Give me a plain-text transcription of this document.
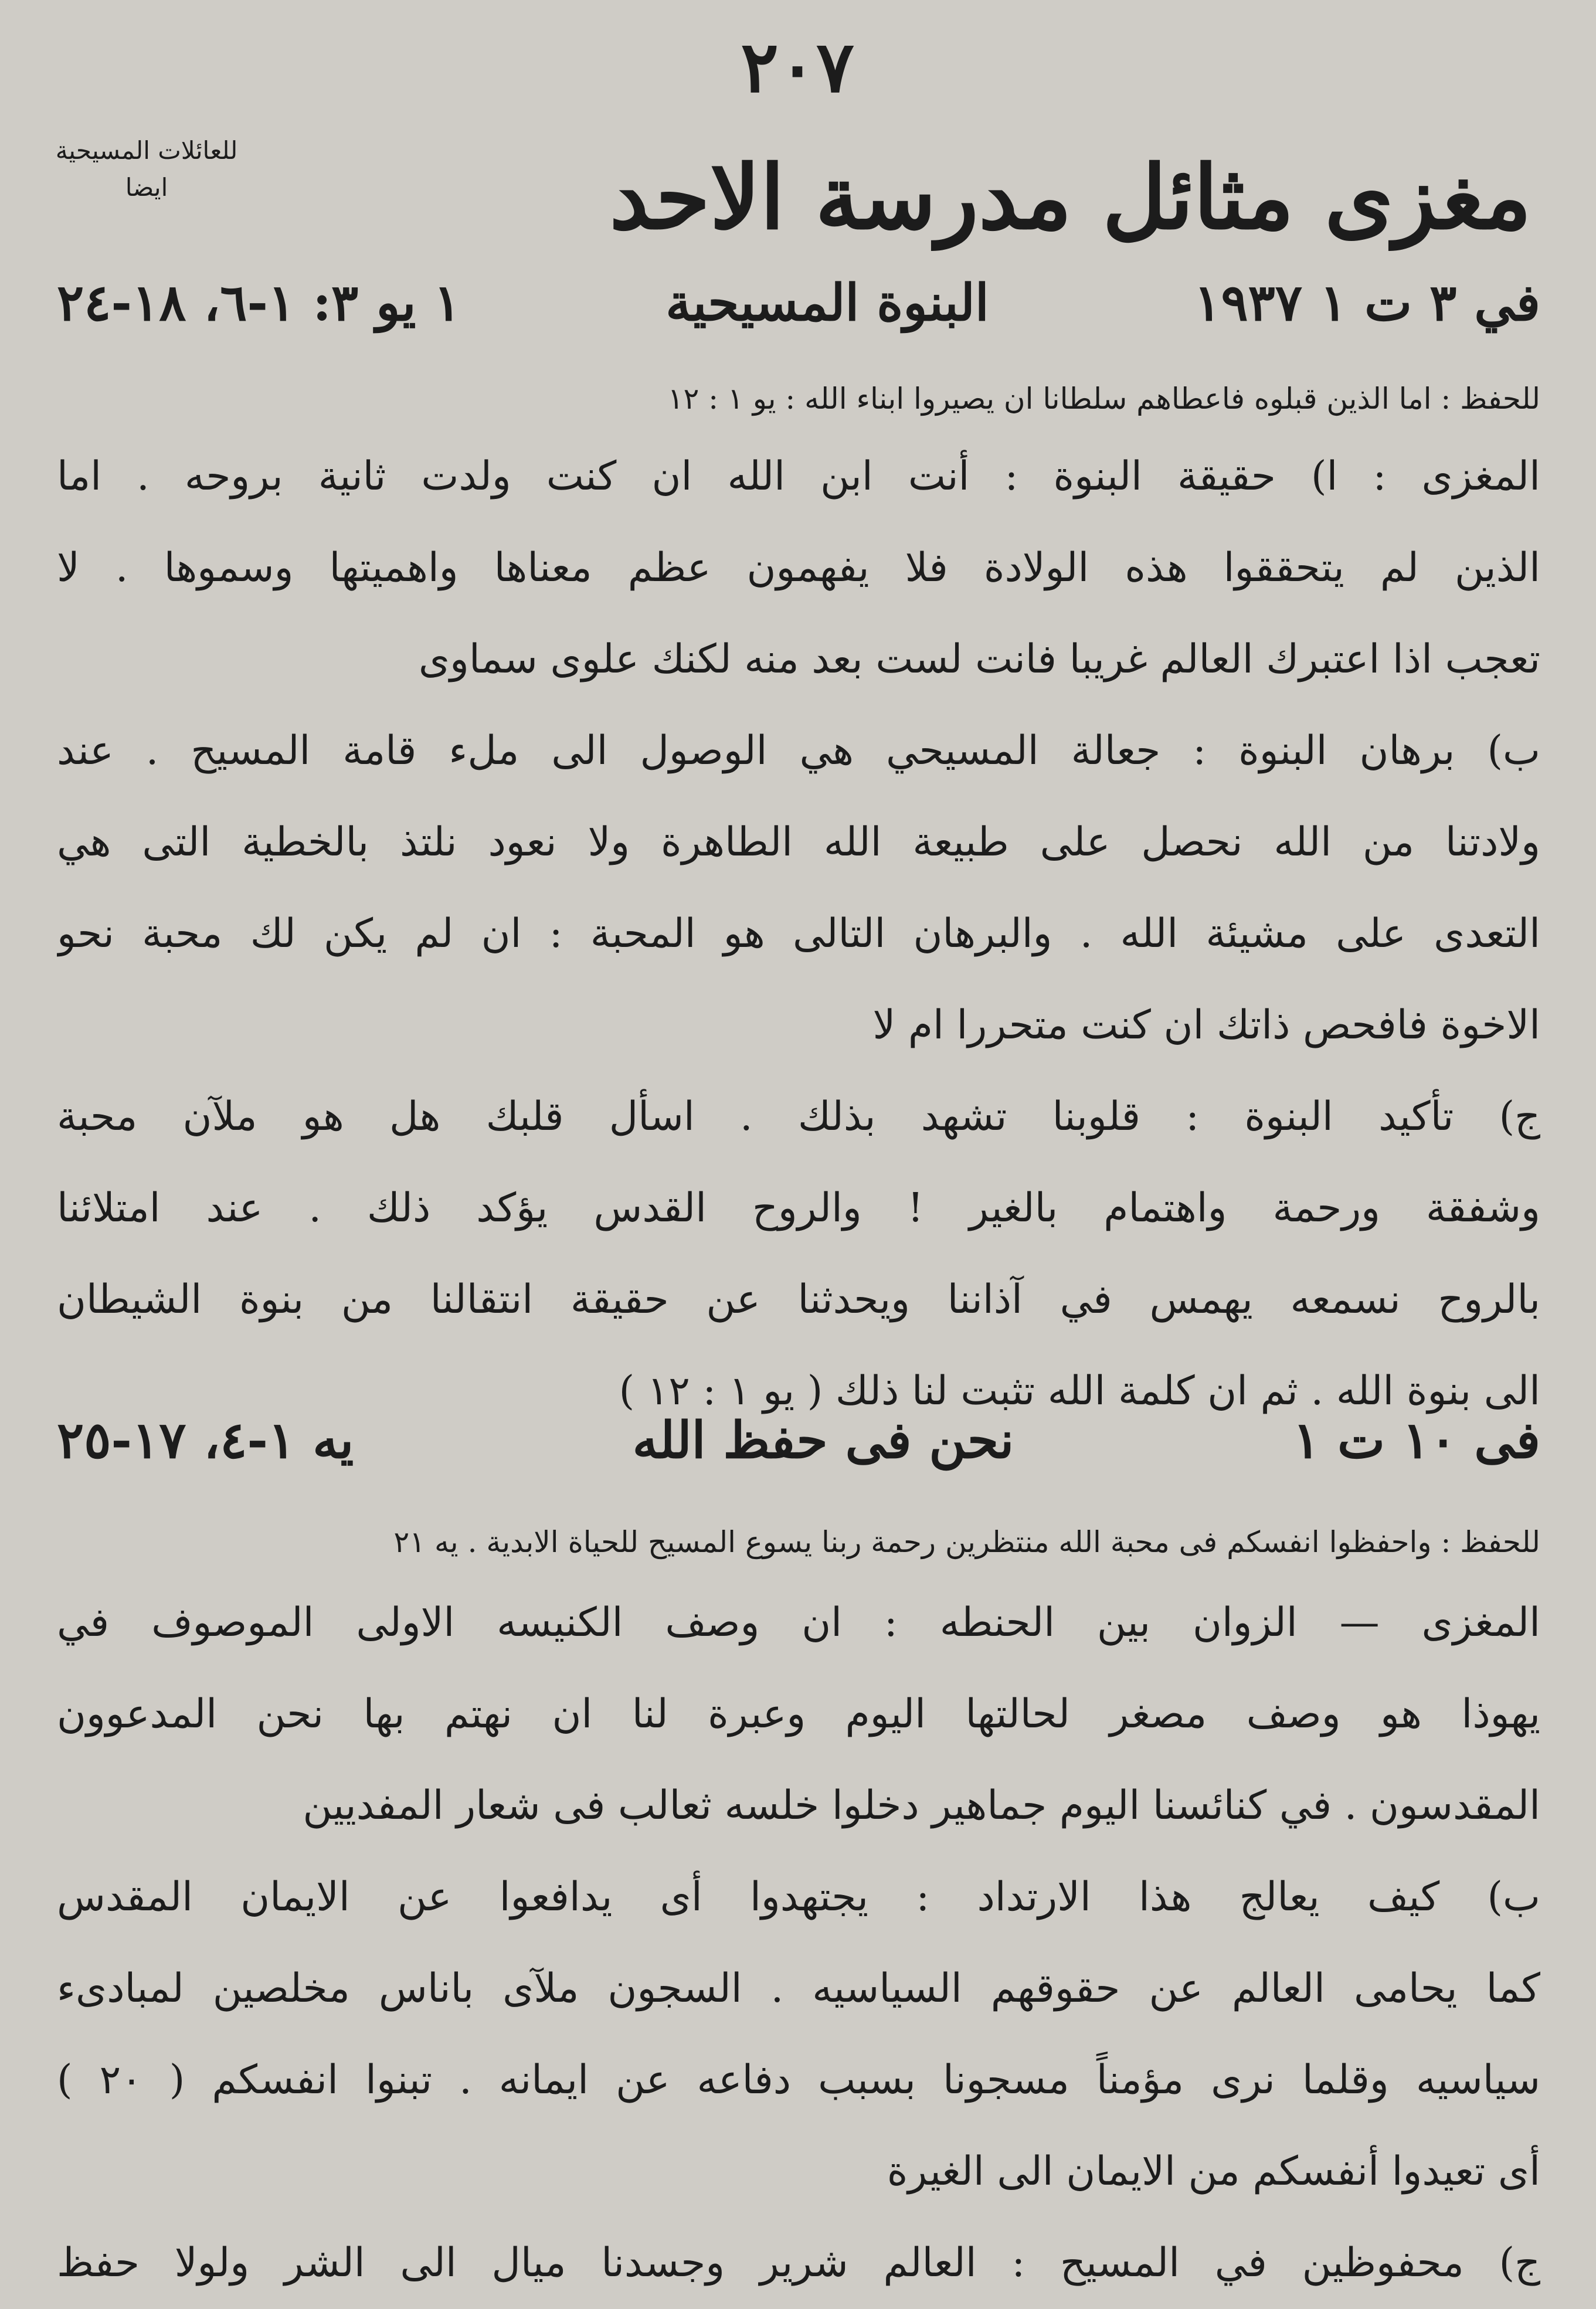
٢٠٧
للعائلات المسيحية
ايضا	مغزى مثائل مدرسة الاحد
في ٣ ت ١ ١٩٣٧
البنوة المسيحية
١ يو ٣: ١-٦، ١٨-٢٤
للحفظ : اما الذين قبلوه فاعطاهم سلطانا ان يصيروا ابناء الله : يو ١ : ١٢
المغزى : ا) حقيقة البنوة : أنت ابن الله ان كنت ولدت ثانية بروحه . اما
الذين لم يتحققوا هذه الولادة فلا يفهمون عظم معناها واهميتها وسموها . لا
تعجب اذا اعتبرك العالم غريبا فانت لست بعد منه لكنك علوى سماوى
ب) برهان البنوة : جعالة المسيحي هي الوصول الى ملء قامة المسيح . عند
ولادتنا من الله نحصل على طبيعة الله الطاهرة ولا نعود نلتذ بالخطية التى هي
التعدى على مشيئة الله . والبرهان التالى هو المحبة : ان لم يكن لك محبة نحو
الاخوة فافحص ذاتك ان كنت متحررا ام لا
ج) تأكيد البنوة : قلوبنا تشهد بذلك . اسأل قلبك هل هو ملآن محبة
وشفقة ورحمة واهتمام بالغير ! والروح القدس يؤكد ذلك . عند امتلائنا
بالروح نسمعه يهمس في آذاننا ويحدثنا عن حقيقة انتقالنا من بنوة الشيطان
الى بنوة الله . ثم ان كلمة الله تثبت لنا ذلك ( يو ١ : ١٢ )
فى ١٠ ت ١
نحن فى حفظ الله
يه ١-٤، ١٧-٢٥
للحفظ : واحفظوا انفسكم فى محبة الله منتظرين رحمة ربنا يسوع المسيح للحياة الابدية . يه ٢١
المغزى — الزوان بين الحنطه : ان وصف الكنيسه الاولى الموصوف في
يهوذا هو وصف مصغر لحالتها اليوم وعبرة لنا ان نهتم بها نحن المدعوون
المقدسون . في كنائسنا اليوم جماهير دخلوا خلسه ثعالب فى شعار المفديين
ب) كيف يعالج هذا الارتداد : يجتهدوا أى يدافعوا عن الايمان المقدس
كما يحامى العالم عن حقوقهم السياسيه . السجون ملآى باناس مخلصين لمبادىء
سياسيه وقلما نرى مؤمناً مسجونا بسبب دفاعه عن ايمانه . تبنوا انفسكم ( ٢٠ )
أى تعيدوا أنفسكم من الايمان الى الغيرة
ج) محفوظين في المسيح : العالم شرير وجسدنا ميال الى الشر ولولا حفظ
